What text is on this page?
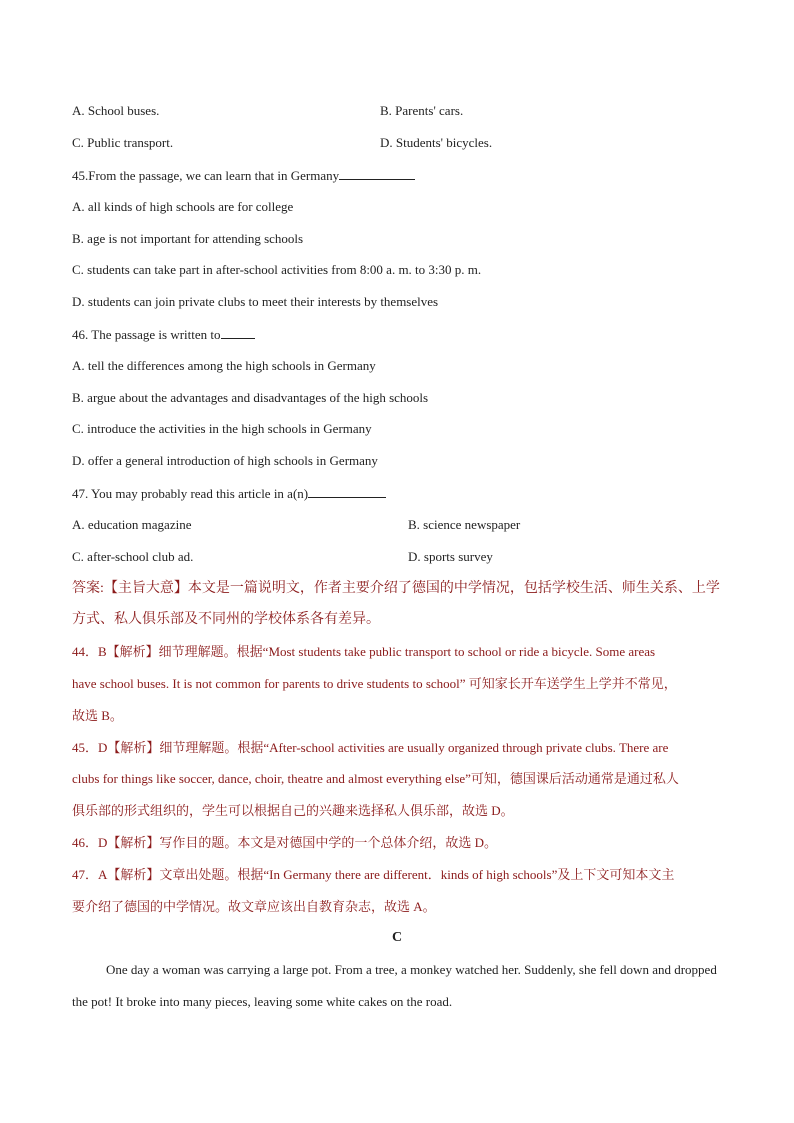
A. School buses.	B. Parents' cars.
C. Public transport.	D. Students' bicycles.
45.From the passage, we can learn that in Germany
A. all kinds of high schools are for college
B. age is not important for attending schools
C. students can take part in after-school activities from 8:00 a. m. to 3:30 p. m.
D. students can join private clubs to meet their interests by themselves
46. The passage is written to
A. tell the differences among the high schools in Germany
B. argue about the advantages and disadvantages of the high schools
C. introduce the activities in the high schools in Germany
D. offer a general introduction of high schools in Germany
47. You may probably read this article in a(n)
A. education magazine	B. science newspaper
C. after-school club ad.	D. sports survey
答案:【主旨大意】本文是一篇说明文，作者主要介绍了德国的中学情况，包括学校生活、师生关系、上学
方式、私人俱乐部及不同州的学校体系各有差异。
44．B【解析】细节理解题。根据“Most students take public transport to school or ride a bicycle. Some areas
have school buses. It is not common for parents to drive students to school” 可知家长开车送学生上学并不常见，
故选 B。
45．D【解析】细节理解题。根据“After-school activities are usually organized through private clubs. There are
clubs for things like soccer, dance, choir, theatre and almost everything else”可知，德国课后活动通常是通过私人
俱乐部的形式组织的，学生可以根据自己的兴趣来选择私人俱乐部，故选 D。
46．D【解析】写作目的题。本文是对德国中学的一个总体介绍，故选 D。
47．A【解析】文章出处题。根据“In Germany there are different．kinds of high schools”及上下文可知本文主
要介绍了德国的中学情况。故文章应该出自教育杂志，故选 A。
C
One day a woman was carrying a large pot. From a tree, a monkey watched her. Suddenly, she fell down and dropped the pot! It broke into many pieces, leaving some white cakes on the road.
